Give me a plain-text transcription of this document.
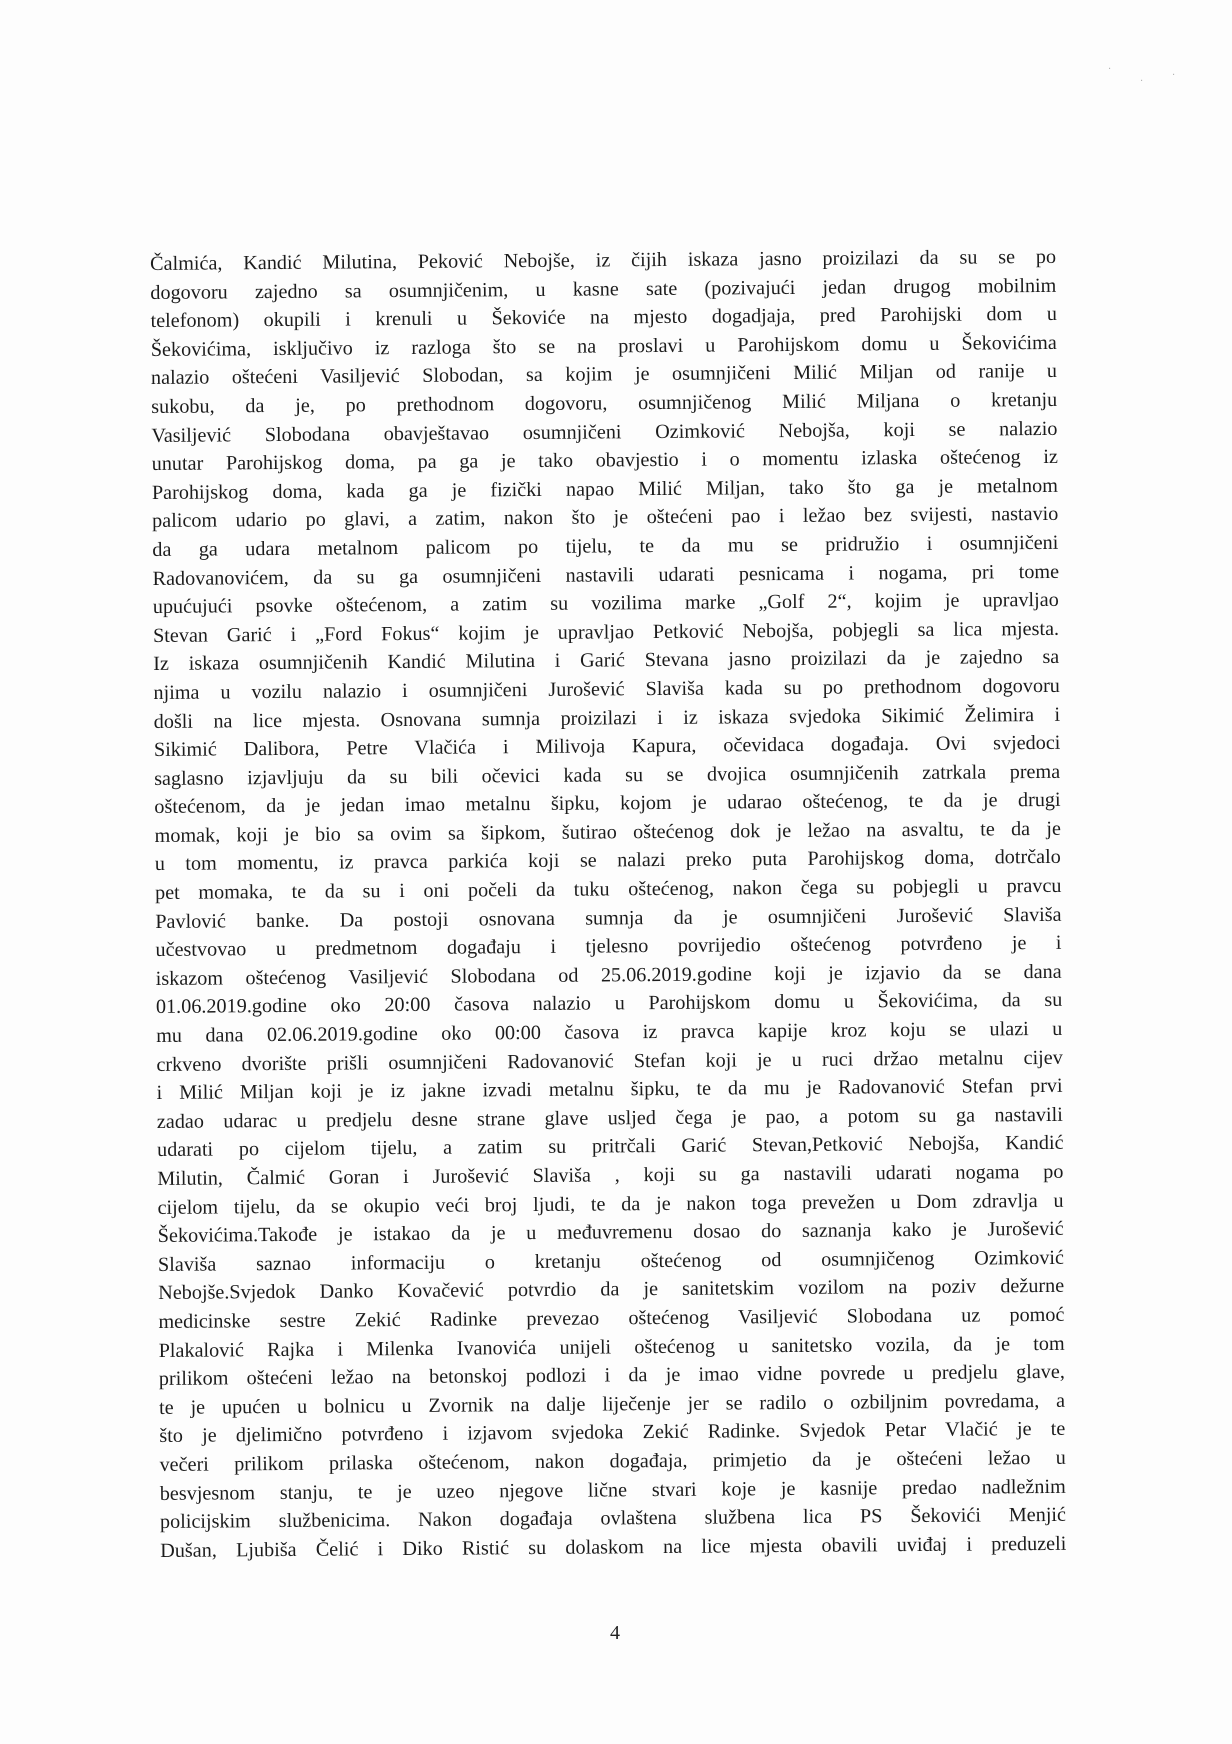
·
·
·
Čalmića, Kandić Milutina, Peković Nebojše, iz čijih iskaza jasno proizilazi da su se po
dogovoru zajedno sa osumnjičenim, u kasne sate (pozivajući jedan drugog mobilnim
telefonom) okupili i krenuli u Šekoviće na mjesto dogadjaja, pred Parohijski dom u
Šekovićima, isključivo iz razloga što se na proslavi u Parohijskom domu u Šekovićima
nalazio oštećeni Vasiljević Slobodan, sa kojim je osumnjičeni Milić Miljan od ranije u
sukobu, da je, po prethodnom dogovoru, osumnjičenog Milić Miljana o kretanju
Vasiljević Slobodana obavještavao osumnjičeni Ozimković Nebojša, koji se nalazio
unutar Parohijskog doma, pa ga je tako obavjestio i o momentu izlaska oštećenog iz
Parohijskog doma, kada ga je fizički napao Milić Miljan, tako što ga je metalnom
palicom udario po glavi, a zatim, nakon što je oštećeni pao i ležao bez svijesti, nastavio
da ga udara metalnom palicom po tijelu, te da mu se pridružio i osumnjičeni
Radovanovićem, da su ga osumnjičeni nastavili udarati pesnicama i nogama, pri tome
upućujući psovke oštećenom, a zatim su vozilima marke „Golf 2“, kojim je upravljao
Stevan Garić i „Ford Fokus“ kojim je upravljao Petković Nebojša, pobjegli sa lica mjesta.
Iz iskaza osumnjičenih Kandić Milutina i Garić Stevana jasno proizilazi da je zajedno sa
njima u vozilu nalazio i osumnjičeni Jurošević Slaviša kada su po prethodnom dogovoru
došli na lice mjesta. Osnovana sumnja proizilazi i iz iskaza svjedoka Sikimić Želimira i
Sikimić Dalibora, Petre Vlačića i Milivoja Kapura, očevidaca događaja. Ovi svjedoci
saglasno izjavljuju da su bili očevici kada su se dvojica osumnjičenih zatrkala prema
oštećenom, da je jedan imao metalnu šipku, kojom je udarao oštećenog, te da je drugi
momak, koji je bio sa ovim sa šipkom, šutirao oštećenog dok je ležao na asvaltu, te da je
u tom momentu, iz pravca parkića koji se nalazi preko puta Parohijskog doma, dotrčalo
pet momaka, te da su i oni počeli da tuku oštećenog, nakon čega su pobjegli u pravcu
Pavlović banke. Da postoji osnovana sumnja da je osumnjičeni Jurošević Slaviša
učestvovao u predmetnom događaju i tjelesno povrijedio oštećenog potvrđeno je i
iskazom oštećenog Vasiljević Slobodana od 25.06.2019.godine koji je izjavio da se dana
01.06.2019.godine oko 20:00 časova nalazio u Parohijskom domu u Šekovićima, da su
mu dana 02.06.2019.godine oko 00:00 časova iz pravca kapije kroz koju se ulazi u
crkveno dvorište prišli osumnjičeni Radovanović Stefan koji je u ruci držao metalnu cijev
i Milić Miljan koji je iz jakne izvadi metalnu šipku, te da mu je Radovanović Stefan prvi
zadao udarac u predjelu desne strane glave usljed čega je pao, a potom su ga nastavili
udarati po cijelom tijelu, a zatim su pritrčali Garić Stevan,Petković Nebojša, Kandić
Milutin, Čalmić Goran i Jurošević Slaviša , koji su ga nastavili udarati nogama po
cijelom tijelu, da se okupio veći broj ljudi, te da je nakon toga prevežen u Dom zdravlja u
Šekovićima.Takođe je istakao da je u međuvremenu dosao do saznanja kako je Jurošević
Slaviša saznao informaciju o kretanju oštećenog od osumnjičenog Ozimković
Nebojše.Svjedok Danko Kovačević potvrdio da je sanitetskim vozilom na poziv dežurne
medicinske sestre Zekić Radinke prevezao oštećenog Vasiljević Slobodana uz pomoć
Plakalović Rajka i Milenka Ivanovića unijeli oštećenog u sanitetsko vozila, da je tom
prilikom oštećeni ležao na betonskoj podlozi i da je imao vidne povrede u predjelu glave,
te je upućen u bolnicu u Zvornik na dalje liječenje jer se radilo o ozbiljnim povredama, a
što je djelimično potvrđeno i izjavom svjedoka Zekić Radinke. Svjedok Petar Vlačić je te
večeri prilikom prilaska oštećenom, nakon događaja, primjetio da je oštećeni ležao u
besvjesnom stanju, te je uzeo njegove lične stvari koje je kasnije predao nadležnim
policijskim službenicima. Nakon događaja ovlaštena službena lica PS Šekovići Menjić
Dušan, Ljubiša Čelić i Diko Ristić su dolaskom na lice mjesta obavili uviđaj i preduzeli
4
